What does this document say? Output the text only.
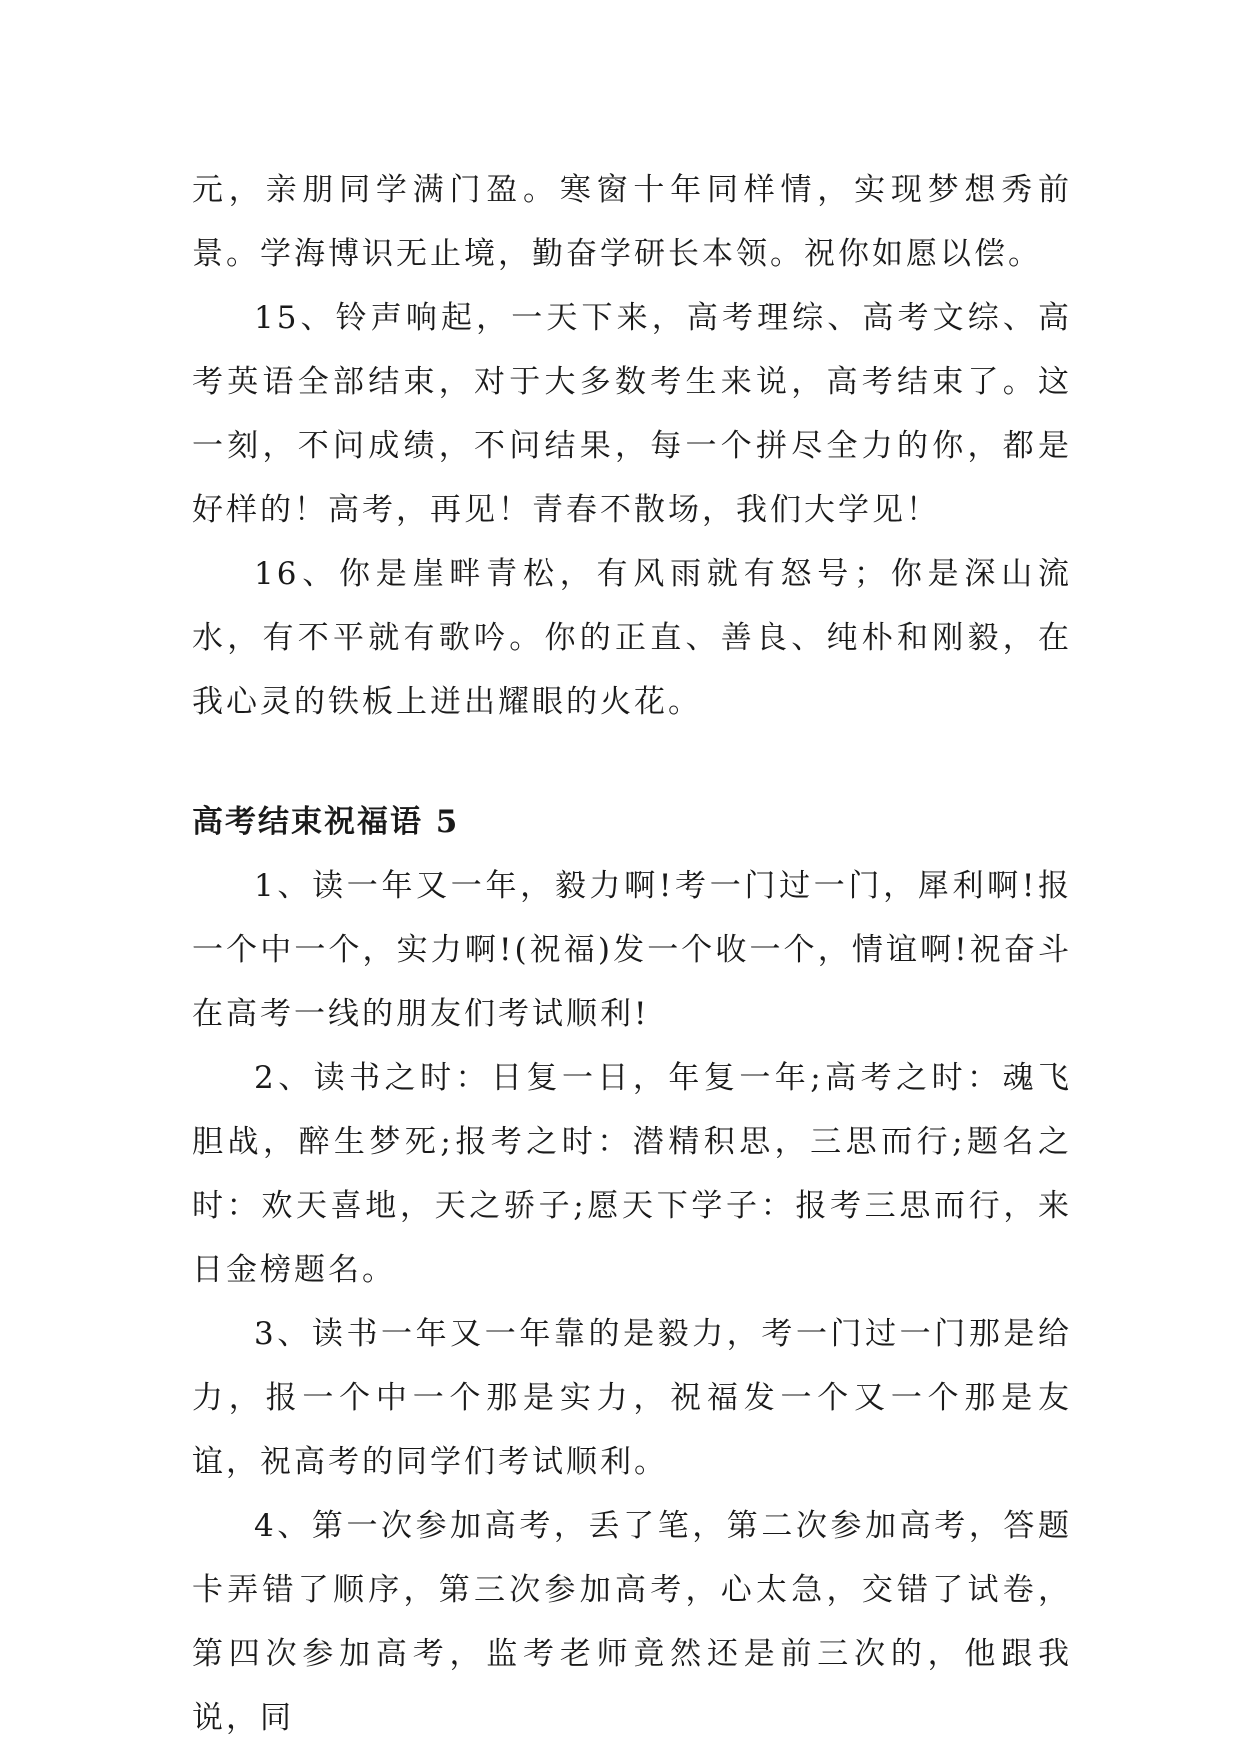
元，亲朋同学满门盈。寒窗十年同样情，实现梦想秀前景。学海博识无止境，勤奋学研长本领。祝你如愿以偿。

15、铃声响起，一天下来，高考理综、高考文综、高考英语全部结束，对于大多数考生来说，高考结束了。这一刻，不问成绩，不问结果，每一个拼尽全力的你，都是好样的！高考，再见！青春不散场，我们大学见！

16、你是崖畔青松，有风雨就有怒号；你是深山流水，有不平就有歌吟。你的正直、善良、纯朴和刚毅，在我心灵的铁板上迸出耀眼的火花。

高考结束祝福语 5

1、读一年又一年，毅力啊!考一门过一门，犀利啊!报一个中一个，实力啊!(祝福)发一个收一个，情谊啊!祝奋斗在高考一线的朋友们考试顺利!

2、读书之时：日复一日，年复一年;高考之时：魂飞胆战，醉生梦死;报考之时：潜精积思，三思而行;题名之时：欢天喜地，天之骄子;愿天下学子：报考三思而行，来日金榜题名。

3、读书一年又一年靠的是毅力，考一门过一门那是给力，报一个中一个那是实力，祝福发一个又一个那是友谊，祝高考的同学们考试顺利。

4、第一次参加高考，丢了笔，第二次参加高考，答题卡弄错了顺序，第三次参加高考，心太急，交错了试卷，第四次参加高考，监考老师竟然还是前三次的，他跟我说，同
